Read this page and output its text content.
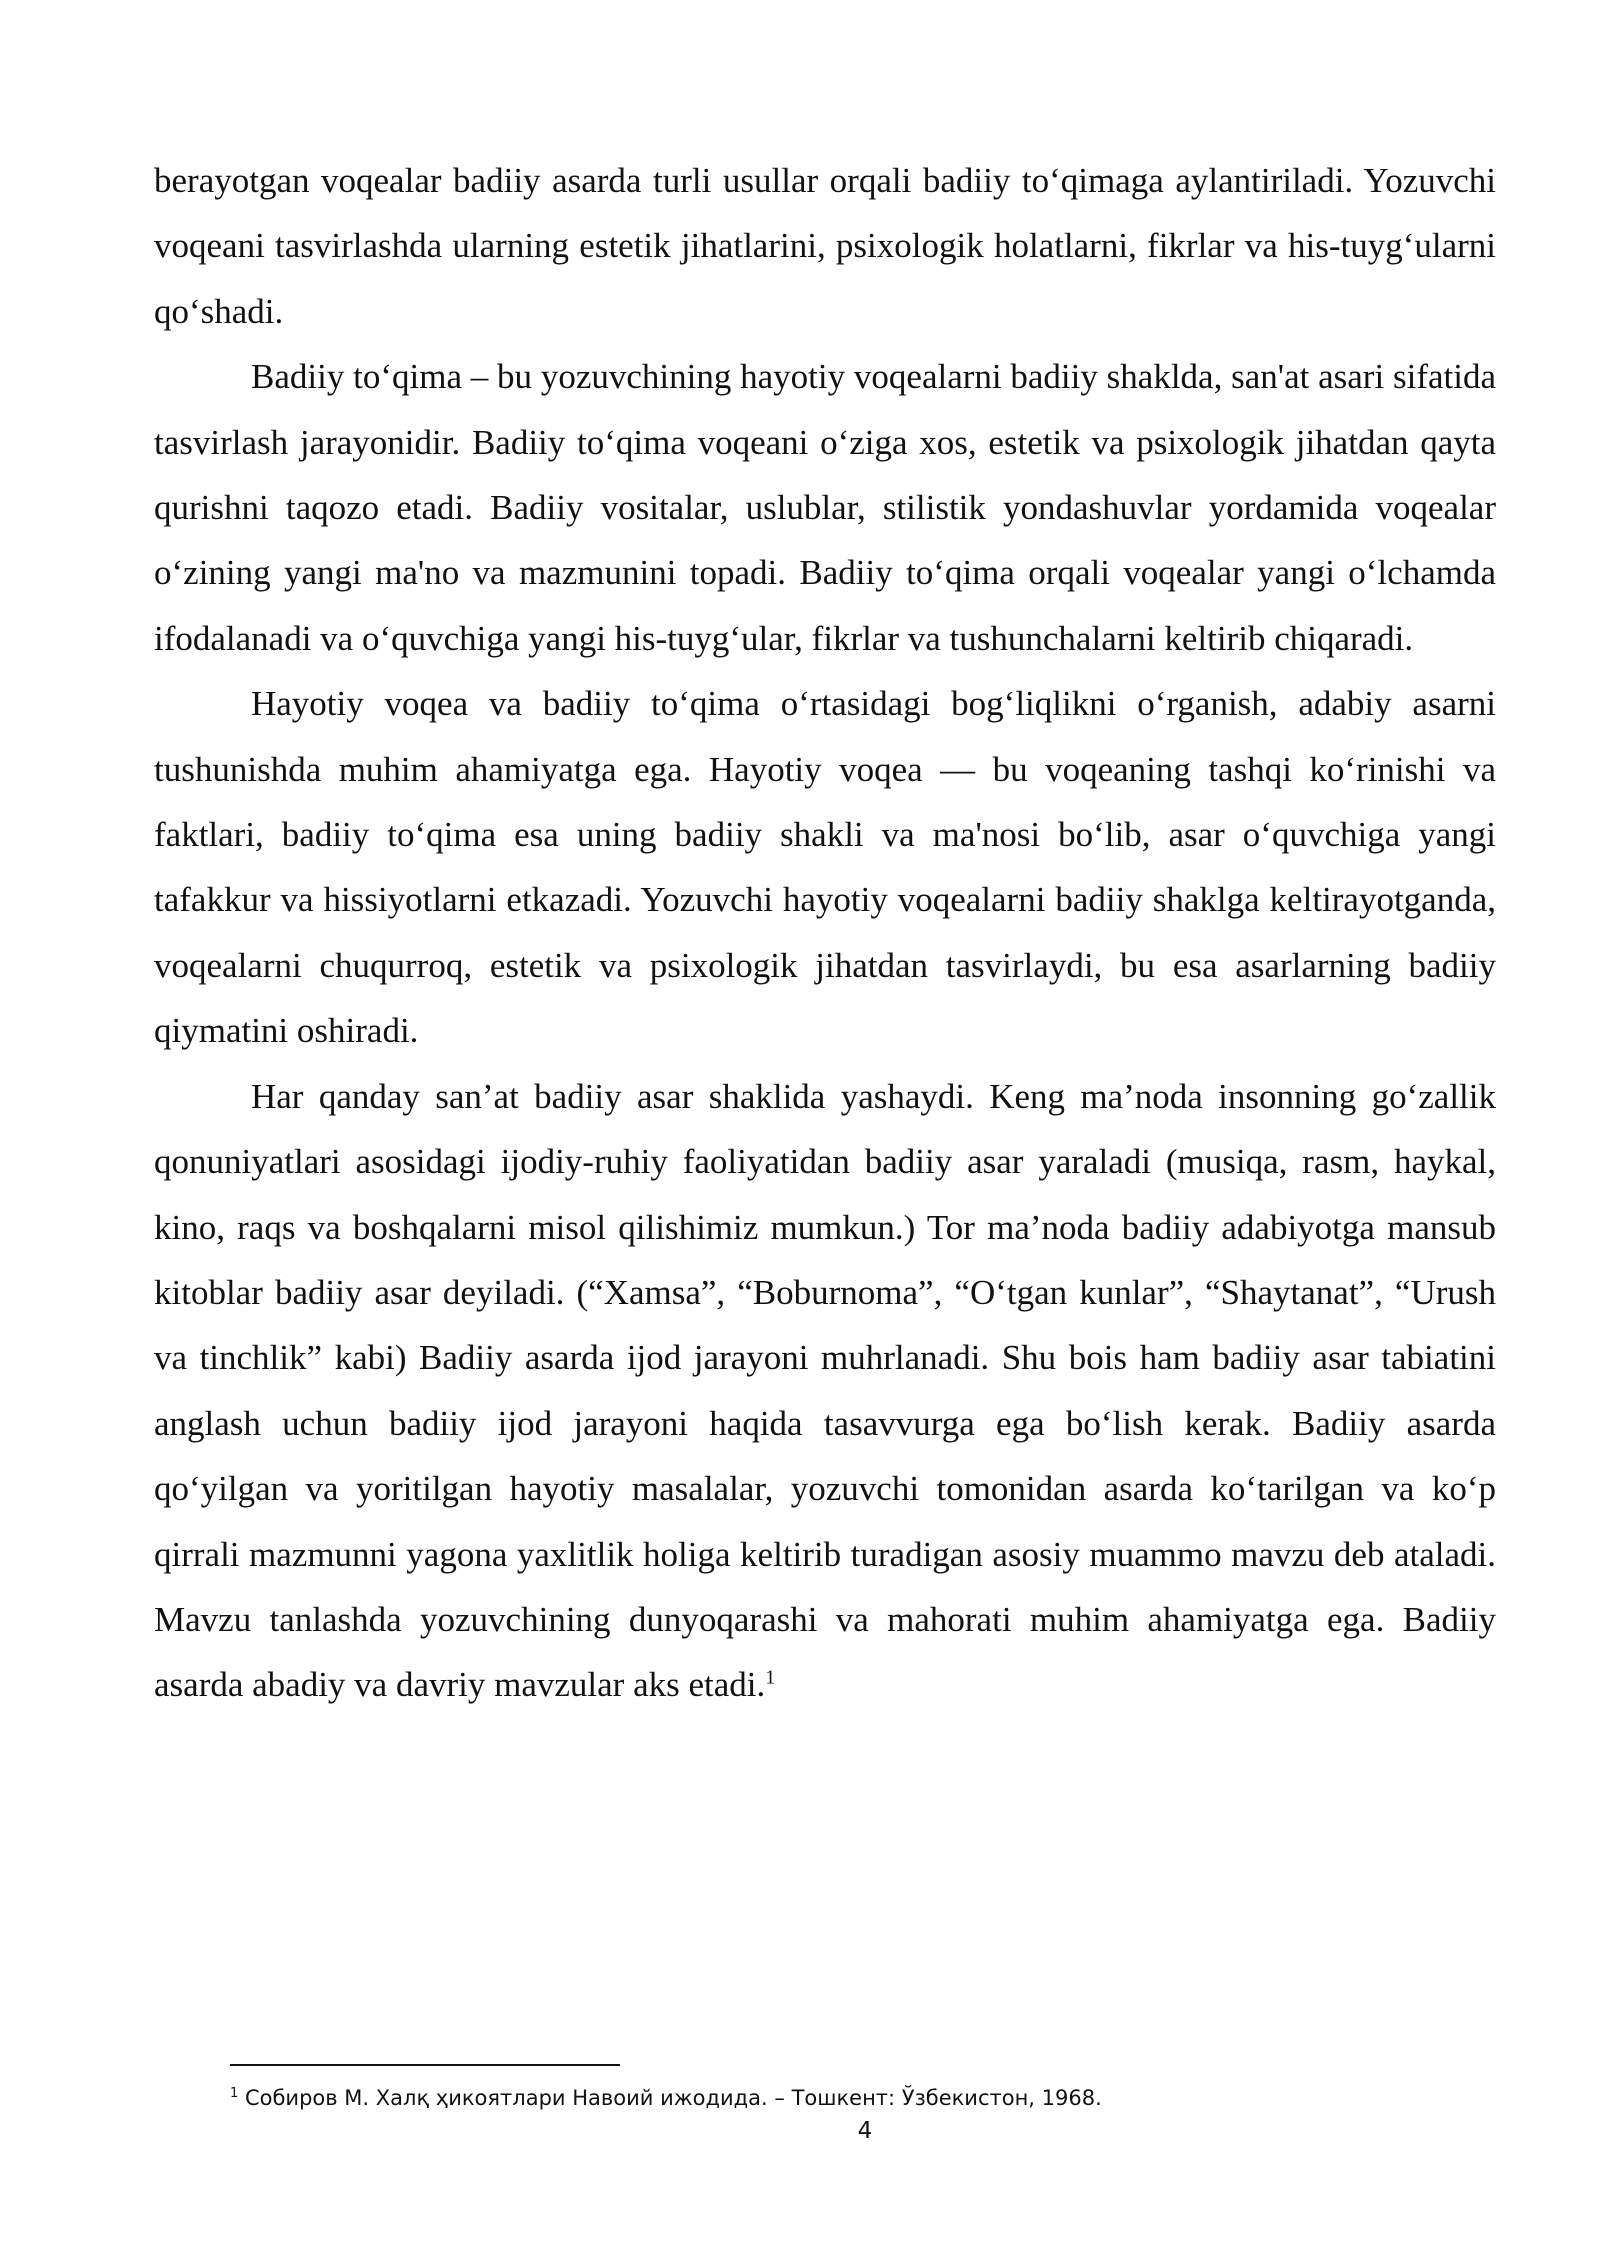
berayotgan voqealar badiiy asarda turli usullar orqali badiiy to‘qimaga aylantiriladi. Yozuvchi voqeani tasvirlashda ularning estetik jihatlarini, psixologik holatlarni, fikrlar va his-tuyg‘ularni qo‘shadi.

Badiiy to‘qima – bu yozuvchining hayotiy voqealarni badiiy shaklda, san'at asari sifatida tasvirlash jarayonidir. Badiiy to‘qima voqeani o‘ziga xos, estetik va psixologik jihatdan qayta qurishni taqozo etadi. Badiiy vositalar, uslublar, stilistik yondashuvlar yordamida voqealar o‘zining yangi ma'no va mazmunini topadi. Badiiy to‘qima orqali voqealar yangi o‘lchamda ifodalanadi va o‘quvchiga yangi his-tuyg‘ular, fikrlar va tushunchalarni keltirib chiqaradi.

Hayotiy voqea va badiiy to‘qima o‘rtasidagi bog‘liqlikni o‘rganish, adabiy asarni tushunishda muhim ahamiyatga ega. Hayotiy voqea — bu voqeaning tashqi ko‘rinishi va faktlari, badiiy to‘qima esa uning badiiy shakli va ma'nosi bo‘lib, asar o‘quvchiga yangi tafakkur va hissiyotlarni etkazadi. Yozuvchi hayotiy voqealarni badiiy shaklga keltirayotganda, voqealarni chuqurroq, estetik va psixologik jihatdan tasvirlaydi, bu esa asarlarning badiiy qiymatini oshiradi.

Har qanday san’at badiiy asar shaklida yashaydi. Keng ma’noda insonning go‘zallik qonuniyatlari asosidagi ijodiy-ruhiy faoliyatidan badiiy asar yaraladi (musiqa, rasm, haykal, kino, raqs va boshqalarni misol qilishimiz mumkun.) Tor ma’noda badiiy adabiyotga mansub kitoblar badiiy asar deyiladi. (“Xamsa”, “Boburnoma”, “O‘tgan kunlar”, “Shaytanat”, “Urush va tinchlik” kabi) Badiiy asarda ijod jarayoni muhrlanadi. Shu bois ham badiiy asar tabiatini anglash uchun badiiy ijod jarayoni haqida tasavvurga ega bo‘lish kerak. Badiiy asarda qo‘yilgan va yoritilgan hayotiy masalalar, yozuvchi tomonidan asarda ko‘tarilgan va ko‘p qirrali mazmunni yagona yaxlitlik holiga keltirib turadigan asosiy muammo mavzu deb ataladi. Mavzu tanlashda yozuvchining dunyoqarashi va mahorati muhim ahamiyatga ega. Badiiy asarda abadiy va davriy mavzular aks etadi.$^1$

$^1$ Собиров М. Халқ ҳикоятлари Навоий ижодида. – Тошкент: Ўзбекистон, 1968.
4
